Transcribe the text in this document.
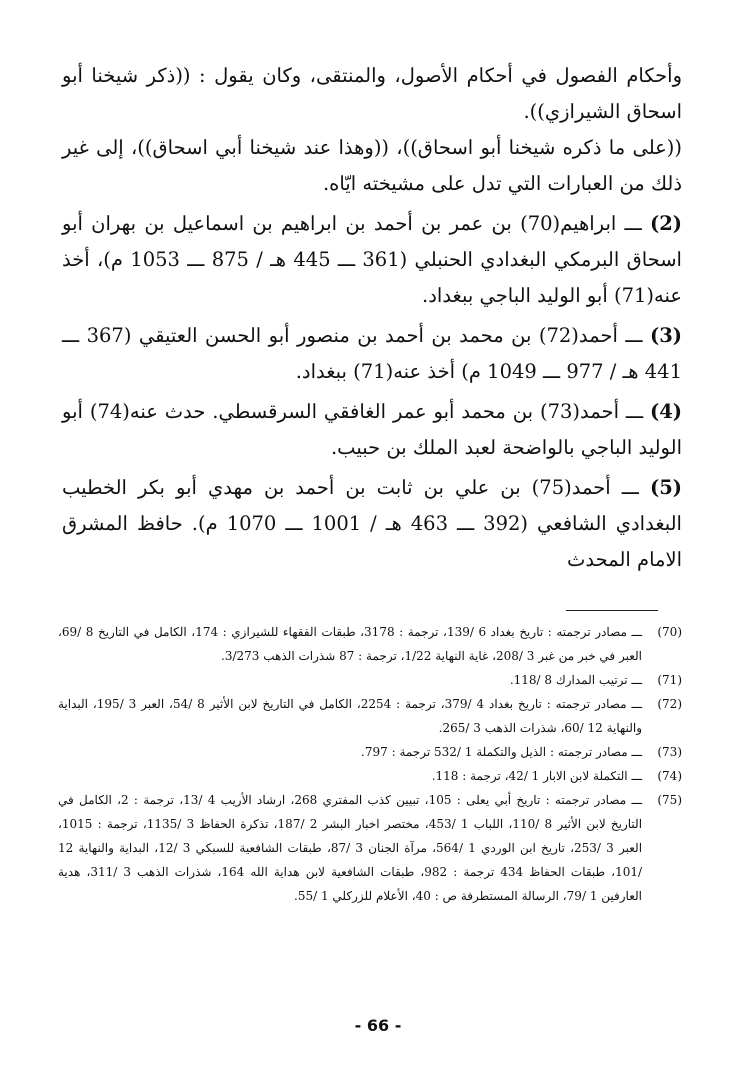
وأحكام الفصول في أحكام الأصول، والمنتقى، وكان يقول : ((ذكر شيخنا أبو اسحاق الشيرازي)).

((على ما ذكره شيخنا أبو اسحاق))، ((وهذا عند شيخنا أبي اسحاق))، إلى غير ذلك من العبارات التي تدل على مشيخته ايّاه.

(2) ـــ ابراهيم(70) بن عمر بن أحمد بن ابراهيم بن اسماعيل بن بهران أبو اسحاق البرمكي البغدادي الحنبلي (361 ـــ 445 هـ / 875 ـــ 1053 م)، أخذ عنه(71) أبو الوليد الباجي ببغداد.

(3) ـــ أحمد(72) بن محمد بن أحمد بن منصور أبو الحسن العتيقي (367 ـــ 441 هـ / 977 ـــ 1049 م) أخذ عنه(71) ببغداد.

(4) ـــ أحمد(73) بن محمد أبو عمر الغافقي السرقسطي. حدث عنه(74) أبو الوليد الباجي بالواضحة لعبد الملك بن حبيب.

(5) ـــ أحمد(75) بن علي بن ثابت بن أحمد بن مهدي أبو بكر الخطيب البغدادي الشافعي (392 ـــ 463 هـ / 1001 ـــ 1070 م). حافظ المشرق الامام المحدث

(70)
ـــ مصادر ترجمته : تاريخ بغداد 6 /139، ترجمة : 3178، طبقات الفقهاء للشيرازي : 174، الكامل في التاريخ 8 /69، العبر في خبر من غبر 3 /208، غاية النهاية 1/22، ترجمة : 87 شذرات الذهب 3/273.
(71)
ـــ ترتيب المدارك 8 /118.
(72)
ـــ مصادر ترجمته : تاريخ بغداد 4 /379، ترجمة : 2254، الكامل في التاريخ لابن الأثير 8 /54، العبر 3 /195، البداية والنهاية 12 /60، شذرات الذهب 3 /265.
(73)
ـــ مصادر ترجمته : الذيل والتكملة 1 /532 ترجمة : 797.
(74)
ـــ التكملة لابن الابار 1 /42، ترجمة : 118.
(75)
ـــ مصادر ترجمته : تاريخ أبي يعلى : 105، تبيين كذب المفتري 268، ارشاد الأريب 4 /13، ترجمة : 2، الكامل في التاريخ لابن الأثير 8 /110، اللباب 1 /453، مختصر اخبار البشر 2 /187، تذكرة الحفاظ 3 /1135، ترجمة : 1015، العبر 3 /253، تاريخ ابن الوردي 1 /564، مرآة الجنان 3 /87، طبقات الشافعية للسبكي 3 /12، البداية والنهاية 12 /101، طبقات الحفاظ 434 ترجمة : 982، طبقات الشافعية لابن هداية الله 164، شذرات الذهب 3 /311، هدية العارفين 1 /79، الرسالة المستطرفة ص : 40، الأعلام للزركلي 1 /55.
- 66 -
